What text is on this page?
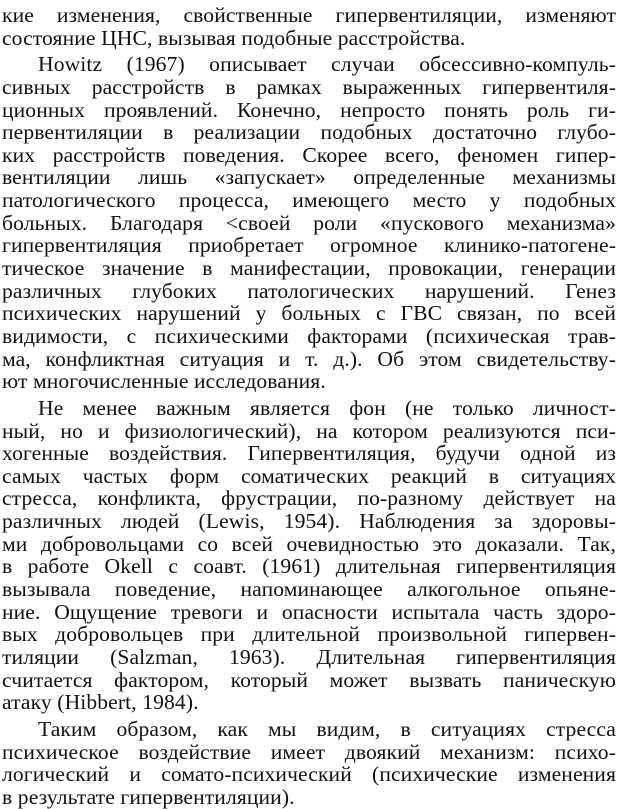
кие изменения, свойственные гипервентиляции, изменяют
состояние ЦНС, вызывая подобные расстройства.
Howitz (1967) описывает случаи обсессивно-компуль-
сивных расстройств в рамках выраженных гипервентиля-
ционных проявлений. Конечно, непросто понять роль ги-
первентиляции в реализации подобных достаточно глубо-
ких расстройств поведения. Скорее всего, феномен гипер-
вентиляции лишь «запускает» определенные механизмы
патологического процесса, имеющего место у подобных
больных. Благодаря <своей роли «пускового механизма»
гипервентиляция приобретает огромное клинико-патогене-
тическое значение в манифестации, провокации, генерации
различных глубоких патологических нарушений. Генез
психических нарушений у больных с ГВС связан, по всей
видимости, с психическими факторами (психическая трав-
ма, конфликтная ситуация и т. д.). Об этом свидетельству-
ют многочисленные исследования.
Не менее важным является фон (не только личност-
ный, но и физиологический), на котором реализуются пси-
хогенные воздействия. Гипервентиляция, будучи одной из
самых частых форм соматических реакций в ситуациях
стресса, конфликта, фрустрации, по-разному действует на
различных людей (Lewis, 1954). Наблюдения за здоровы-
ми добровольцами со всей очевидностью это доказали. Так,
в работе Okell с соавт. (1961) длительная гипервентиляция
вызывала поведение, напоминающее алкогольное опьяне-
ние. Ощущение тревоги и опасности испытала часть здоро-
вых добровольцев при длительной произвольной гипервен-
тиляции (Salzman, 1963). Длительная гипервентиляция
считается фактором, который может вызвать паническую
атаку (Hibbert, 1984).
Таким образом, как мы видим, в ситуациях стресса
психическое воздействие имеет двоякий механизм: психо-
логический и сомато-психический (психические изменения
в результате гипервентиляции).
